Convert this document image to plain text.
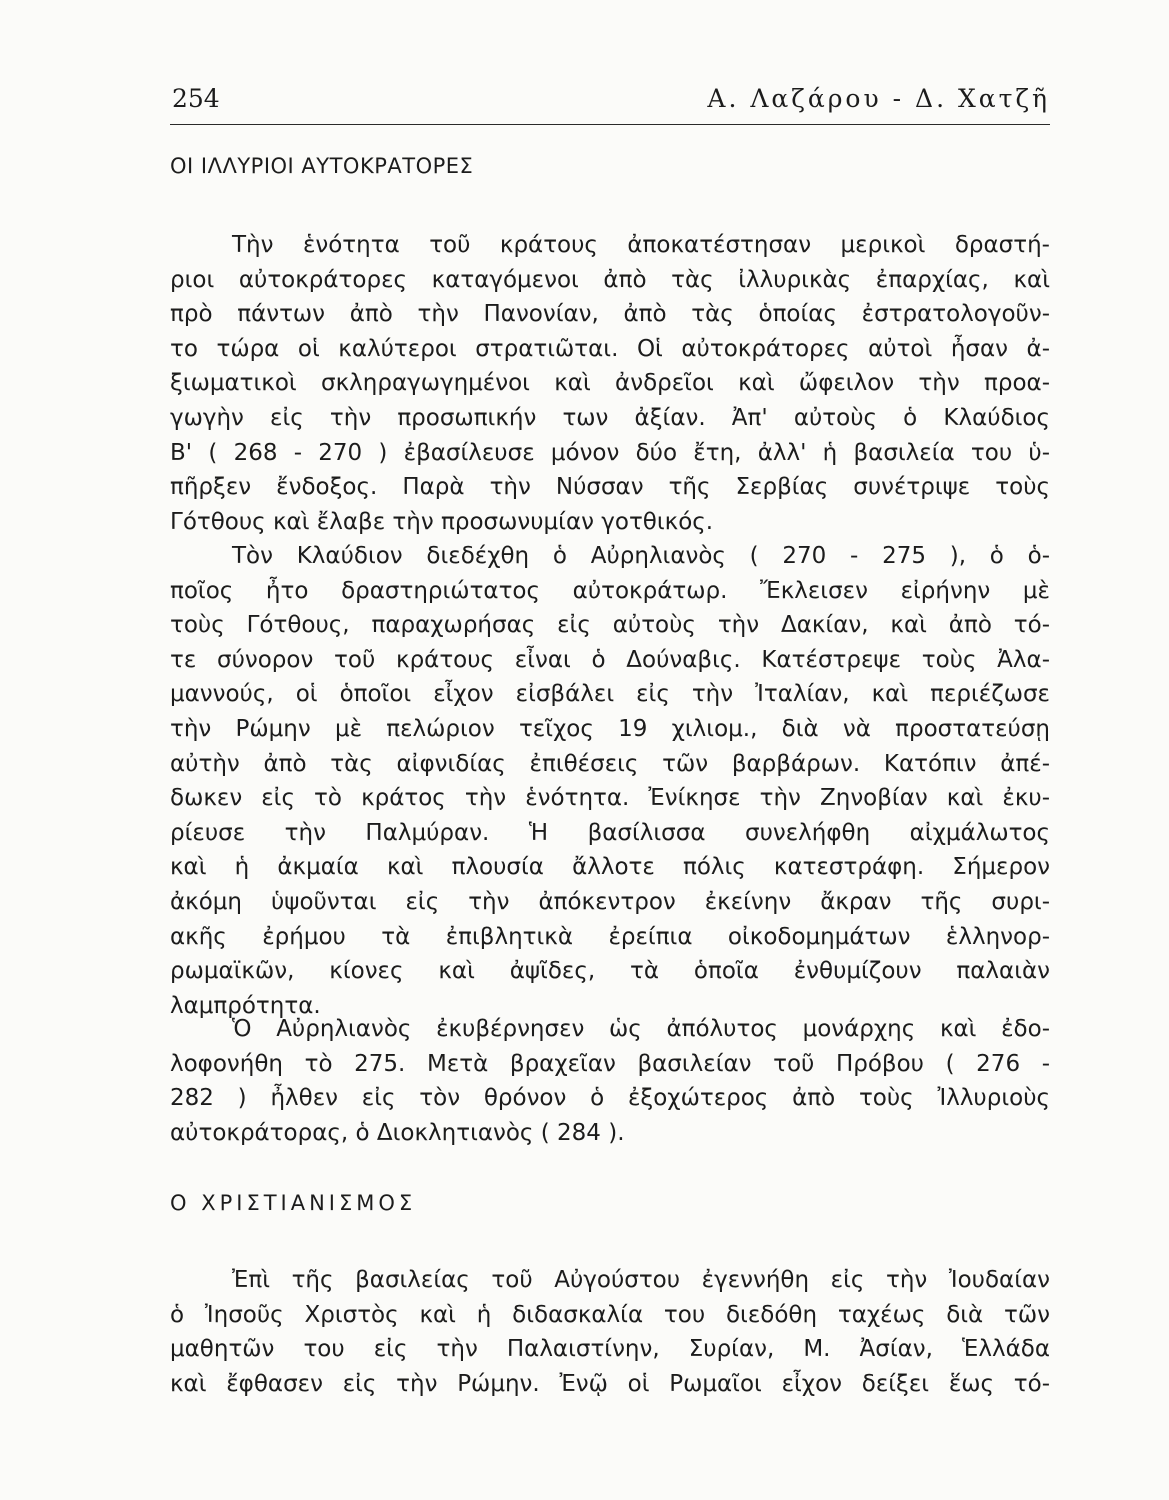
254	Α. Λαζάρου - Δ. Χατζῆ
ΟΙ ΙΛΛΥΡΙΟΙ ΑΥΤΟΚΡΑΤΟΡΕΣ
Τὴν ἑνότητα τοῦ κράτους ἀποκατέστησαν μερικοὶ δραστή-
ριοι αὐτοκράτορες καταγόμενοι ἀπὸ τὰς ἰλλυρικὰς ἐπαρχίας, καὶ
πρὸ πάντων ἀπὸ τὴν Πανονίαν, ἀπὸ τὰς ὁποίας ἐστρατολογοῦν-
το τώρα οἱ καλύτεροι στρατιῶται. Οἱ αὐτοκράτορες αὐτοὶ ἦσαν ἀ-
ξιωματικοὶ σκληραγωγημένοι καὶ ἀνδρεῖοι καὶ ὤφειλον τὴν προα-
γωγὴν εἰς τὴν προσωπικήν των ἀξίαν. Ἀπ' αὐτοὺς ὁ Κλαύδιος
Β' ( 268 - 270 ) ἐβασίλευσε μόνον δύο ἔτη, ἀλλ' ἡ βασιλεία του ὑ-
πῆρξεν ἔνδοξος. Παρὰ τὴν Νύσσαν τῆς Σερβίας συνέτριψε τοὺς
Γότθους καὶ ἔλαβε τὴν προσωνυμίαν γοτθικός.
Τὸν Κλαύδιον διεδέχθη ὁ Αὐρηλιανὸς ( 270 - 275 ), ὁ ὁ-
ποῖος ἦτο δραστηριώτατος αὐτοκράτωρ. Ἔκλεισεν εἰρήνην μὲ
τοὺς Γότθους, παραχωρήσας εἰς αὐτοὺς τὴν Δακίαν, καὶ ἀπὸ τό-
τε σύνορον τοῦ κράτους εἶναι ὁ Δούναβις. Κατέστρεψε τοὺς Ἀλα-
μαννούς, οἱ ὁποῖοι εἶχον εἰσβάλει εἰς τὴν Ἰταλίαν, καὶ περιέζωσε
τὴν Ρώμην μὲ πελώριον τεῖχος 19 χιλιομ., διὰ νὰ προστατεύσῃ
αὐτὴν ἀπὸ τὰς αἰφνιδίας ἐπιθέσεις τῶν βαρβάρων. Κατόπιν ἀπέ-
δωκεν εἰς τὸ κράτος τὴν ἑνότητα. Ἐνίκησε τὴν Ζηνοβίαν καὶ ἐκυ-
ρίευσε τὴν Παλμύραν. Ἡ βασίλισσα συνελήφθη αἰχμάλωτος
καὶ ἡ ἀκμαία καὶ πλουσία ἄλλοτε πόλις κατεστράφη. Σήμερον
ἀκόμη ὑψοῦνται εἰς τὴν ἀπόκεντρον ἐκείνην ἄκραν τῆς συρι-
ακῆς ἐρήμου τὰ ἐπιβλητικὰ ἐρείπια οἰκοδομημάτων ἑλληνορ-
ρωμαϊκῶν, κίονες καὶ ἀψῖδες, τὰ ὁποῖα ἐνθυμίζουν παλαιὰν
λαμπρότητα.
Ὁ Αὐρηλιανὸς ἐκυβέρνησεν ὡς ἀπόλυτος μονάρχης καὶ ἐδο-
λοφονήθη τὸ 275. Μετὰ βραχεῖαν βασιλείαν τοῦ Πρόβου ( 276 -
282 ) ἦλθεν εἰς τὸν θρόνον ὁ ἐξοχώτερος ἀπὸ τοὺς Ἰλλυριοὺς
αὐτοκράτορας, ὁ Διοκλητιανὸς ( 284 ).
Ο ΧΡΙΣΤΙΑΝΙΣΜΟΣ
Ἐπὶ τῆς βασιλείας τοῦ Αὐγούστου ἐγεννήθη εἰς τὴν Ἰουδαίαν
ὁ Ἰησοῦς Χριστὸς καὶ ἡ διδασκαλία του διεδόθη ταχέως διὰ τῶν
μαθητῶν του εἰς τὴν Παλαιστίνην, Συρίαν, Μ. Ἀσίαν, Ἑλλάδα
καὶ ἔφθασεν εἰς τὴν Ρώμην. Ἐνῷ οἱ Ρωμαῖοι εἶχον δείξει ἕως τό-
